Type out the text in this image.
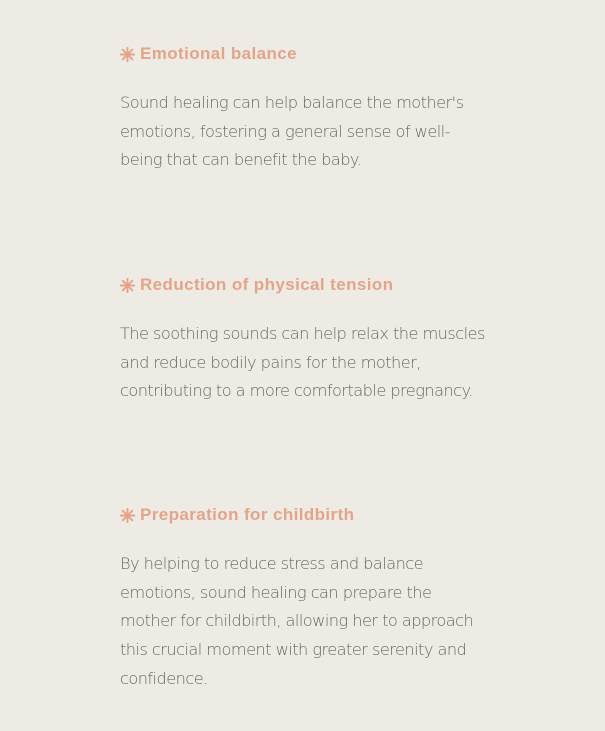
Emotional balance

Sound healing can help balance the mother's emotions, fostering a general sense of well-being that can benefit the baby.

Reduction of physical tension

The soothing sounds can help relax the muscles and reduce bodily pains for the mother, contributing to a more comfortable pregnancy.

Preparation for childbirth

By helping to reduce stress and balance emotions, sound healing can prepare the mother for childbirth, allowing her to approach this crucial moment with greater serenity and confidence.
